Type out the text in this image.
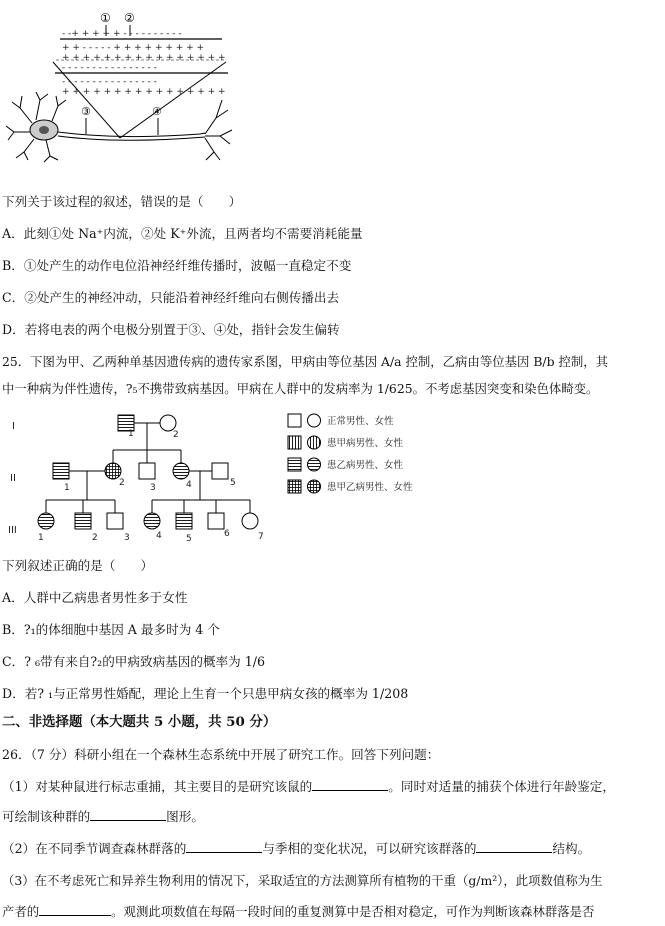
① ②
- -+ + + + + - - - - - - - - - -
+ + - - - - - + + + + + + + + +
+ + + + + + + + + + + + + + + +
- - - - - - - - - - - - - - - -
- - - - - - - - - - - - - - - -
+ + + + + + + + + + + + + + + +
③	④
下列关于该过程的叙述，错误的是（　　）
A．此刻①处 Na⁺内流，②处 K⁺外流，且两者均不需要消耗能量
B．①处产生的动作电位沿神经纤维传播时，波幅一直稳定不变
C．②处产生的神经冲动，只能沿着神经纤维向右侧传播出去
D．若将电表的两个电极分别置于③、④处，指针会发生偏转
25．下图为甲、乙两种单基因遗传病的遗传家系图，甲病由等位基因 A/a 控制，乙病由等位基因 B/b 控制，其
中一种病为伴性遗传，?₅不携带致病基因。甲病在人群中的发病率为 1/625。不考虑基因突变和染色体畸变。
I
II
III
1	2
1	2	3	4	5
1	2	3	4	5	6	7
正常男性、女性
患甲病男性、女性
患乙病男性、女性
患甲乙病男性、女性
下列叙述正确的是（　　）
A．人群中乙病患者男性多于女性
B．?₁的体细胞中基因 A 最多时为 4 个
C．? ₆带有来自?₂的甲病致病基因的概率为 1/6
D．若? ₁与正常男性婚配，理论上生育一个只患甲病女孩的概率为 1/208
二、非选择题（本大题共 5 小题，共 50 分）
26．（7 分）科研小组在一个森林生态系统中开展了研究工作。回答下列问题：
（1）对某种鼠进行标志重捕，其主要目的是研究该鼠的	。同时对适量的捕获个体进行年龄鉴定，
可绘制该种群的	图形。
（2）在不同季节调查森林群落的	与季相的变化状况，可以研究该群落的	结构。
（3）在不考虑死亡和异养生物利用的情况下，采取适宜的方法测算所有植物的干重（g/m²），此项数值称为生
产者的	。观测此项数值在每隔一段时间的重复测算中是否相对稳定，可作为判断该森林群落是否
